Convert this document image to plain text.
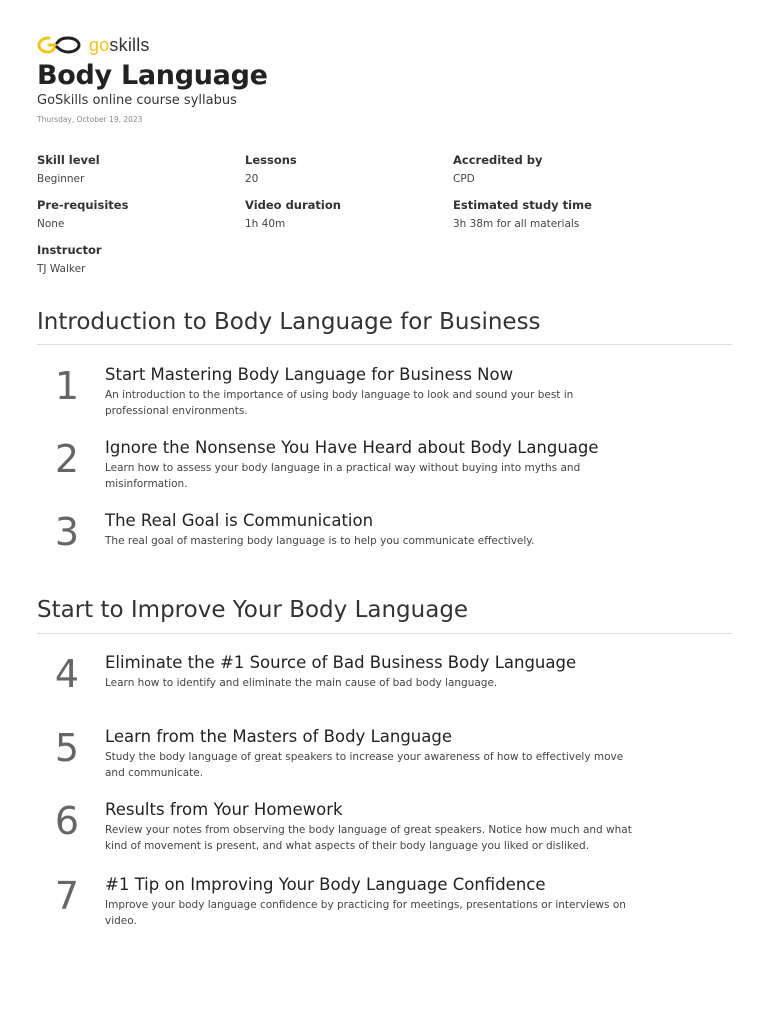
goskills
Body Language
GoSkills online course syllabus
Thursday, October 19, 2023
Skill level
Beginner
Lessons
20
Accredited by
CPD
Pre-requisites
None
Video duration
1h 40m
Estimated study time
3h 38m for all materials
Instructor
TJ Walker
Introduction to Body Language for Business
1	Start Mastering Body Language for Business Now
An introduction to the importance of using body language to look and sound your best in professional environments.
2	Ignore the Nonsense You Have Heard about Body Language
Learn how to assess your body language in a practical way without buying into myths and misinformation.
3	The Real Goal is Communication
The real goal of mastering body language is to help you communicate effectively.
Start to Improve Your Body Language
4	Eliminate the #1 Source of Bad Business Body Language
Learn how to identify and eliminate the main cause of bad body language.
5	Learn from the Masters of Body Language
Study the body language of great speakers to increase your awareness of how to effectively move and communicate.
6	Results from Your Homework
Review your notes from observing the body language of great speakers. Notice how much and what kind of movement is present, and what aspects of their body language you liked or disliked.
7	#1 Tip on Improving Your Body Language Confidence
Improve your body language confidence by practicing for meetings, presentations or interviews on video.
